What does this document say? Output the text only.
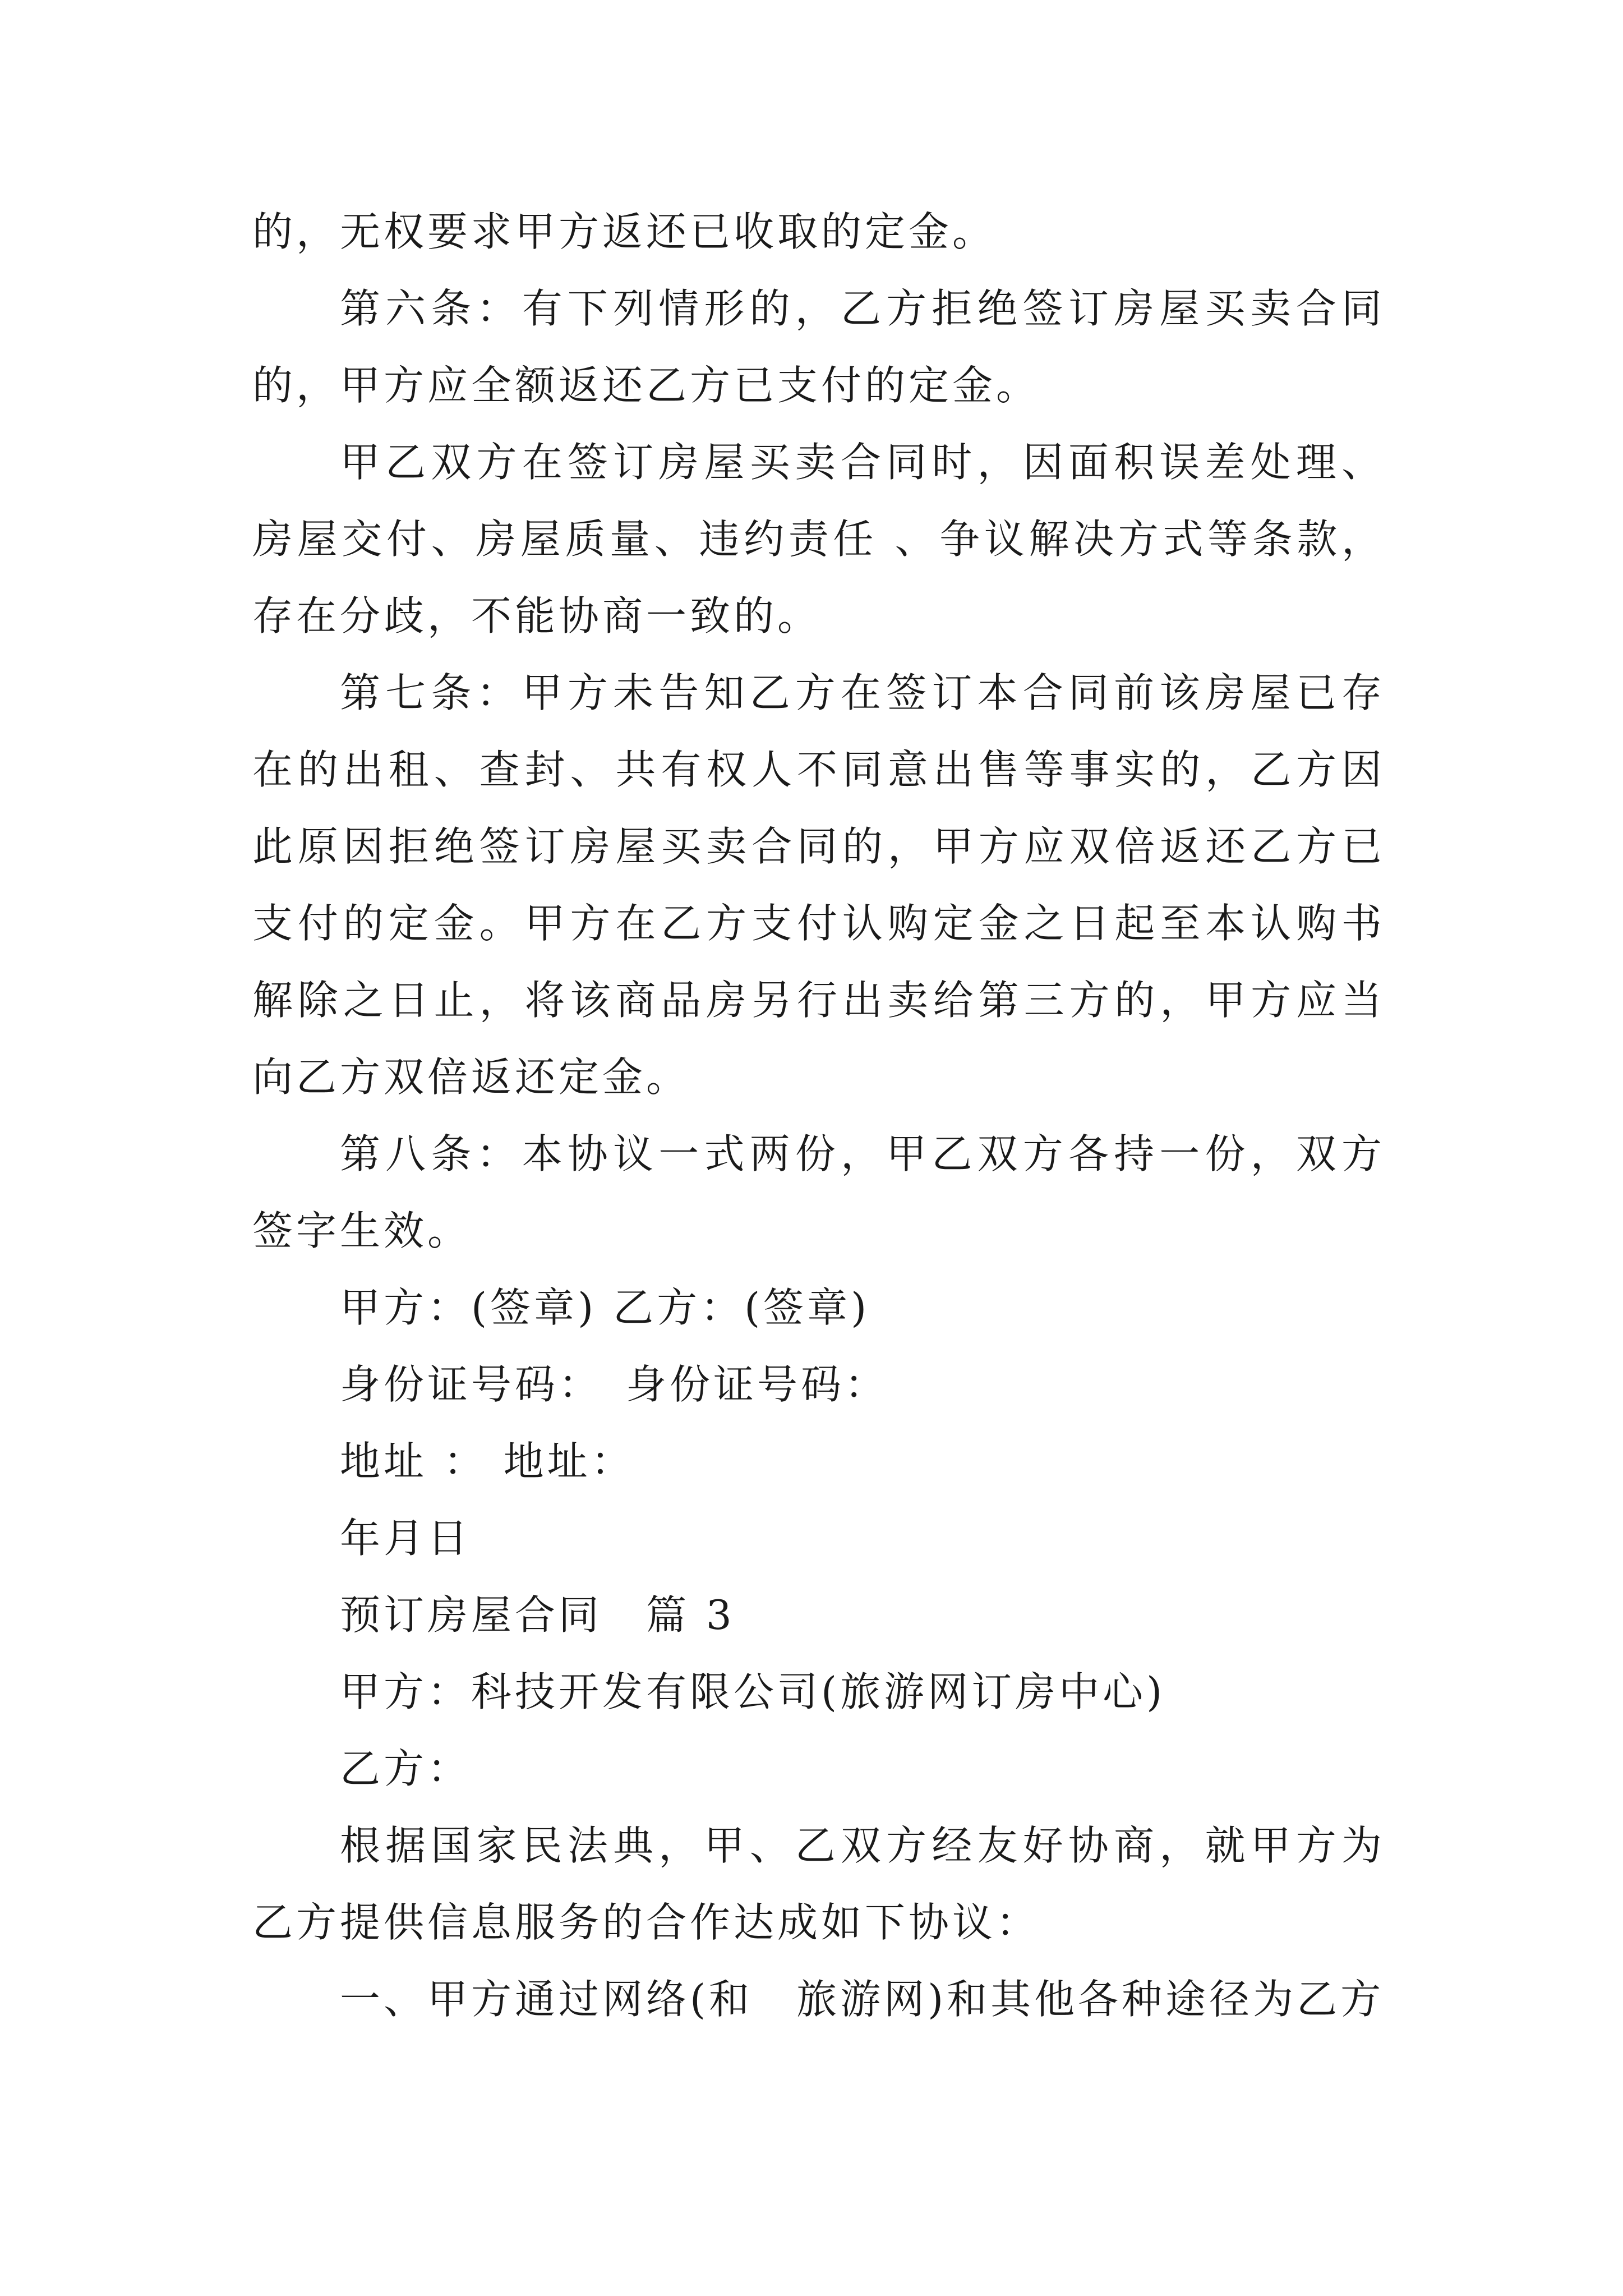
的，无权要求甲方返还已收取的定金。

第六条：有下列情形的，乙方拒绝签订房屋买卖合同的，甲方应全额返还乙方已支付的定金。

甲乙双方在签订房屋买卖合同时，因面积误差处理、房屋交付、房屋质量、违约责任 、争议解决方式等条款，存在分歧，不能协商一致的。

第七条：甲方未告知乙方在签订本合同前该房屋已存在的出租、查封、共有权人不同意出售等事实的，乙方因此原因拒绝签订房屋买卖合同的，甲方应双倍返还乙方已支付的定金。甲方在乙方支付认购定金之日起至本认购书解除之日止，将该商品房另行出卖给第三方的，甲方应当向乙方双倍返还定金。

第八条：本协议一式两份，甲乙双方各持一份，双方签字生效。

甲方：(签章) 乙方：(签章)

身份证号码：　身份证号码：

地址 ： 地址：

年月日

预订房屋合同　篇 3

甲方：科技开发有限公司(旅游网订房中心)

乙方：

根据国家民法典，甲、乙双方经友好协商，就甲方为乙方提供信息服务的合作达成如下协议：

一、甲方通过网络(和　旅游网)和其他各种途径为乙方
